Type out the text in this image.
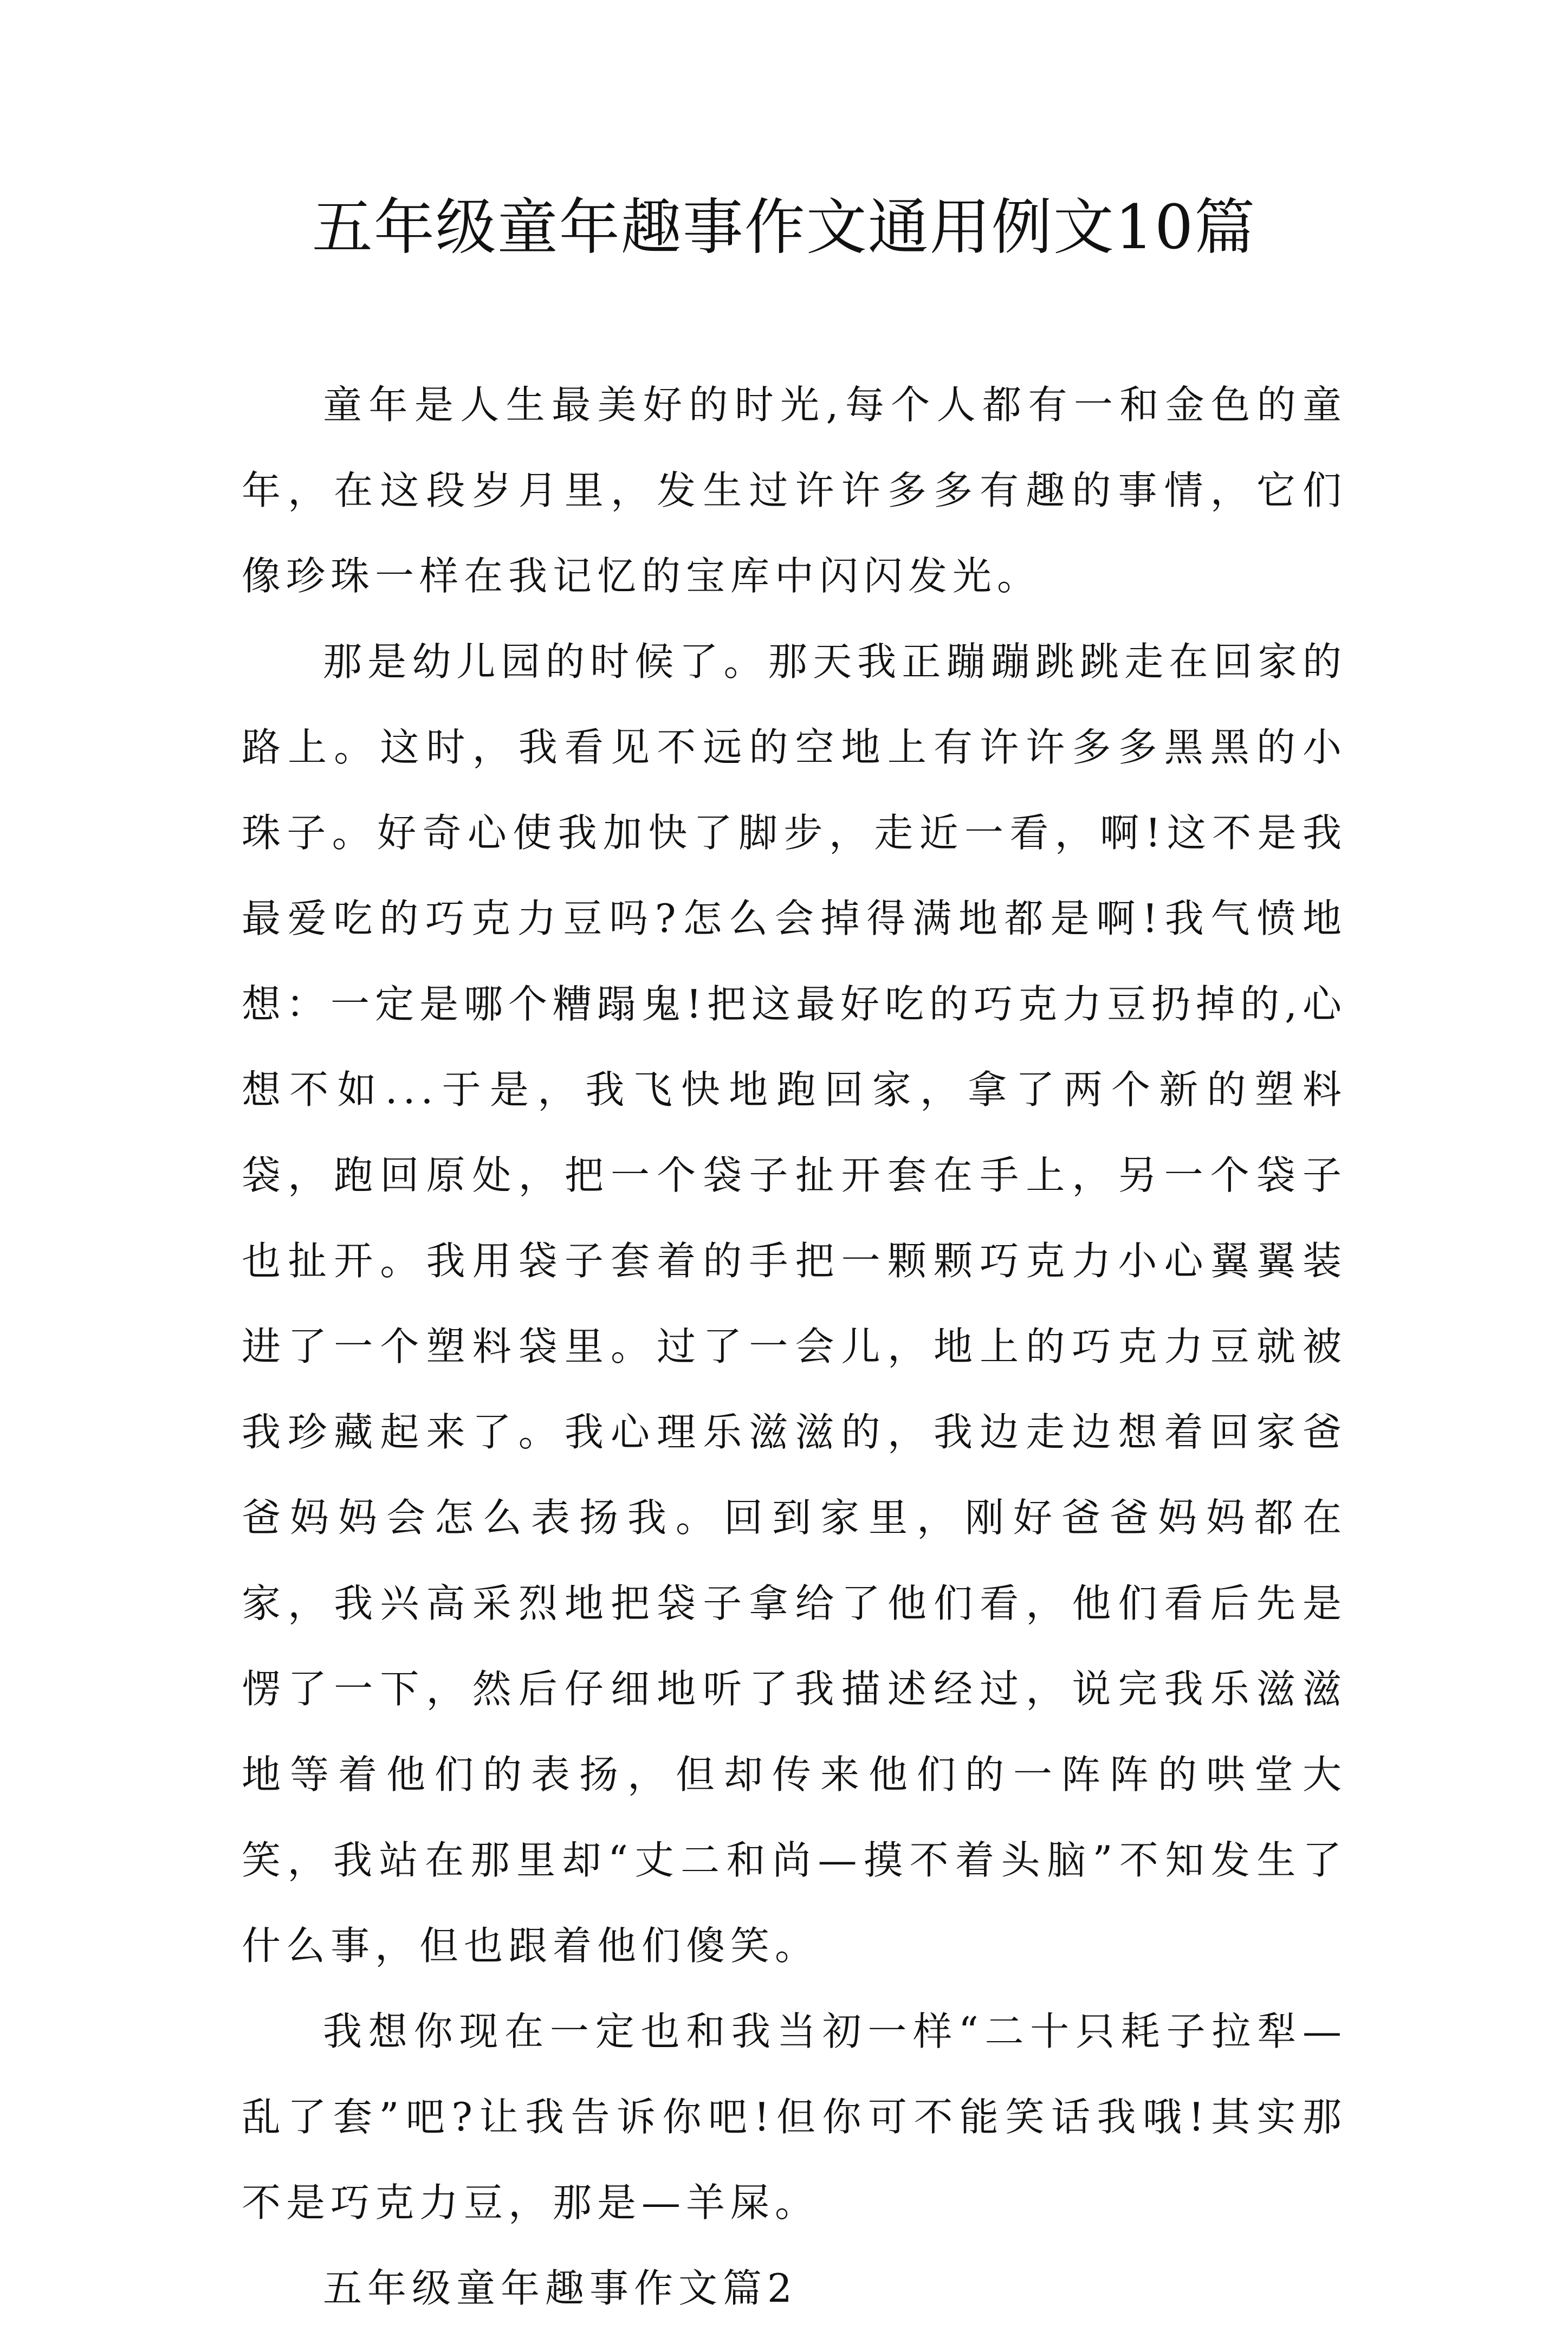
五年级童年趣事作文通用例文10篇

童年是人生最美好的时光,每个人都有一和金色的童年，在这段岁月里，发生过许许多多有趣的事情，它们像珍珠一样在我记忆的宝库中闪闪发光。

那是幼儿园的时候了。那天我正蹦蹦跳跳走在回家的路上。这时，我看见不远的空地上有许许多多黑黑的小珠子。好奇心使我加快了脚步，走近一看，啊!这不是我最爱吃的巧克力豆吗?怎么会掉得满地都是啊!我气愤地想：一定是哪个糟蹋鬼!把这最好吃的巧克力豆扔掉的,心想不如...于是，我飞快地跑回家，拿了两个新的塑料袋，跑回原处，把一个袋子扯开套在手上，另一个袋子也扯开。我用袋子套着的手把一颗颗巧克力小心翼翼装进了一个塑料袋里。过了一会儿，地上的巧克力豆就被我珍藏起来了。我心理乐滋滋的，我边走边想着回家爸爸妈妈会怎么表扬我。回到家里，刚好爸爸妈妈都在家，我兴高采烈地把袋子拿给了他们看，他们看后先是愣了一下，然后仔细地听了我描述经过，说完我乐滋滋地等着他们的表扬，但却传来他们的一阵阵的哄堂大笑，我站在那里却“丈二和尚—摸不着头脑”不知发生了什么事，但也跟着他们傻笑。

我想你现在一定也和我当初一样“二十只耗子拉犁—乱了套”吧?让我告诉你吧!但你可不能笑话我哦!其实那不是巧克力豆，那是—羊屎。

五年级童年趣事作文篇2
